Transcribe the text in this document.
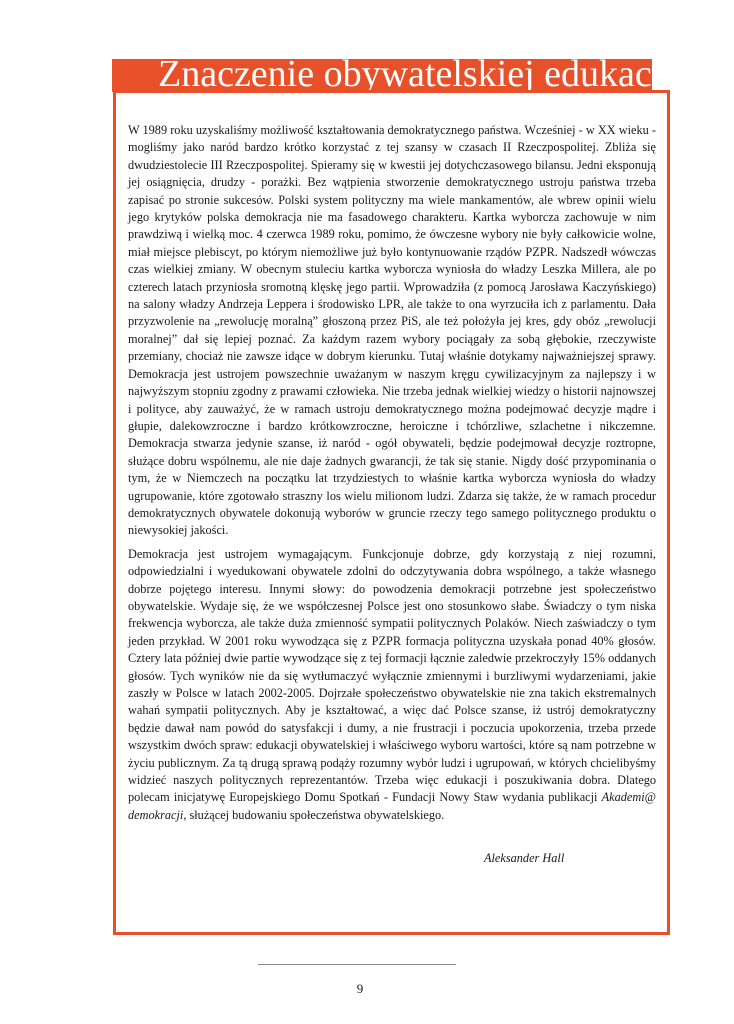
Znaczenie obywatelskiej edukacji

W 1989 roku uzyskaliśmy możliwość kształtowania demokratycznego państwa. Wcześniej - w XX wieku - mogliśmy jako naród bardzo krótko korzystać z tej szansy w czasach II Rzeczpospolitej. Zbliża się dwudziestolecie III Rzeczpospolitej. Spieramy się w kwestii jej dotychczasowego bilansu. Jedni eksponują jej osiągnięcia, drudzy - porażki. Bez wątpienia stworzenie demokratycznego ustroju państwa trzeba zapisać po stronie sukcesów. Polski system polityczny ma wiele mankamentów, ale wbrew opinii wielu jego krytyków polska demokracja nie ma fasadowego charakteru. Kartka wyborcza zachowuje w nim prawdziwą i wielką moc. 4 czerwca 1989 roku, pomimo, że ówczesne wybory nie były całkowicie wolne, miał miejsce plebiscyt, po którym niemożliwe już było kontynuowanie rządów PZPR. Nadszedł wówczas czas wielkiej zmiany. W obecnym stuleciu kartka wyborcza wyniosła do władzy Leszka Millera, ale po czterech latach przyniosła sromotną klęskę jego partii. Wprowadziła (z pomocą Jarosława Kaczyńskiego) na salony władzy Andrzeja Leppera i środowisko LPR, ale także to ona wyrzuciła ich z parlamentu. Dała przyzwolenie na „rewolucję moralną” głoszoną przez PiS, ale też położyła jej kres, gdy obóz „rewolucji moralnej” dał się lepiej poznać. Za każdym razem wybory pociągały za sobą głębokie, rzeczywiste przemiany, chociaż nie zawsze idące w dobrym kierunku. Tutaj właśnie dotykamy najważniejszej sprawy. Demokracja jest ustrojem powszechnie uważanym w naszym kręgu cywilizacyjnym za najlepszy i w najwyższym stopniu zgodny z prawami człowieka. Nie trzeba jednak wielkiej wiedzy o historii najnowszej i polityce, aby zauważyć, że w ramach ustroju demokratycznego można podejmować decyzje mądre i głupie, dalekowzroczne i bardzo krótkowzroczne, heroiczne i tchórzliwe, szlachetne i nikczemne. Demokracja stwarza jedynie szanse, iż naród - ogół obywateli, będzie podejmował decyzje roztropne, służące dobru wspólnemu, ale nie daje żadnych gwarancji, że tak się stanie. Nigdy dość przypominania o tym, że w Niemczech na początku lat trzydziestych to właśnie kartka wyborcza wyniosła do władzy ugrupowanie, które zgotowało straszny los wielu milionom ludzi. Zdarza się także, że w ramach procedur demokratycznych obywatele dokonują wyborów w gruncie rzeczy tego samego politycznego produktu o niewysokiej jakości.

Demokracja jest ustrojem wymagającym. Funkcjonuje dobrze, gdy korzystają z niej rozumni, odpowiedzialni i wyedukowani obywatele zdolni do odczytywania dobra wspólnego, a także własnego dobrze pojętego interesu. Innymi słowy: do powodzenia demokracji potrzebne jest społeczeństwo obywatelskie. Wydaje się, że we współczesnej Polsce jest ono stosunkowo słabe. Świadczy o tym niska frekwencja wyborcza, ale także duża zmienność sympatii politycznych Polaków. Niech zaświadczy o tym jeden przykład. W 2001 roku wywodząca się z PZPR formacja polityczna uzyskała ponad 40% głosów. Cztery lata później dwie partie wywodzące się z tej formacji łącznie zaledwie przekroczyły 15% oddanych głosów. Tych wyników nie da się wytłumaczyć wyłącznie zmiennymi i burzliwymi wydarzeniami, jakie zaszły w Polsce w latach 2002-2005. Dojrzałe społeczeństwo obywatelskie nie zna takich ekstremalnych wahań sympatii politycznych. Aby je kształtować, a więc dać Polsce szanse, iż ustrój demokratyczny będzie dawał nam powód do satysfakcji i dumy, a nie frustracji i poczucia upokorzenia, trzeba przede wszystkim dwóch spraw: edukacji obywatelskiej i właściwego wyboru wartości, które są nam potrzebne w życiu publicznym. Za tą drugą sprawą podąży rozumny wybór ludzi i ugrupowań, w których chcielibyśmy widzieć naszych politycznych reprezentantów. Trzeba więc edukacji i poszukiwania dobra. Dlatego polecam inicjatywę Europejskiego Domu Spotkań - Fundacji Nowy Staw wydania publikacji Akademi@ demokracji, służącej budowaniu społeczeństwa obywatelskiego.

Aleksander Hall

9
